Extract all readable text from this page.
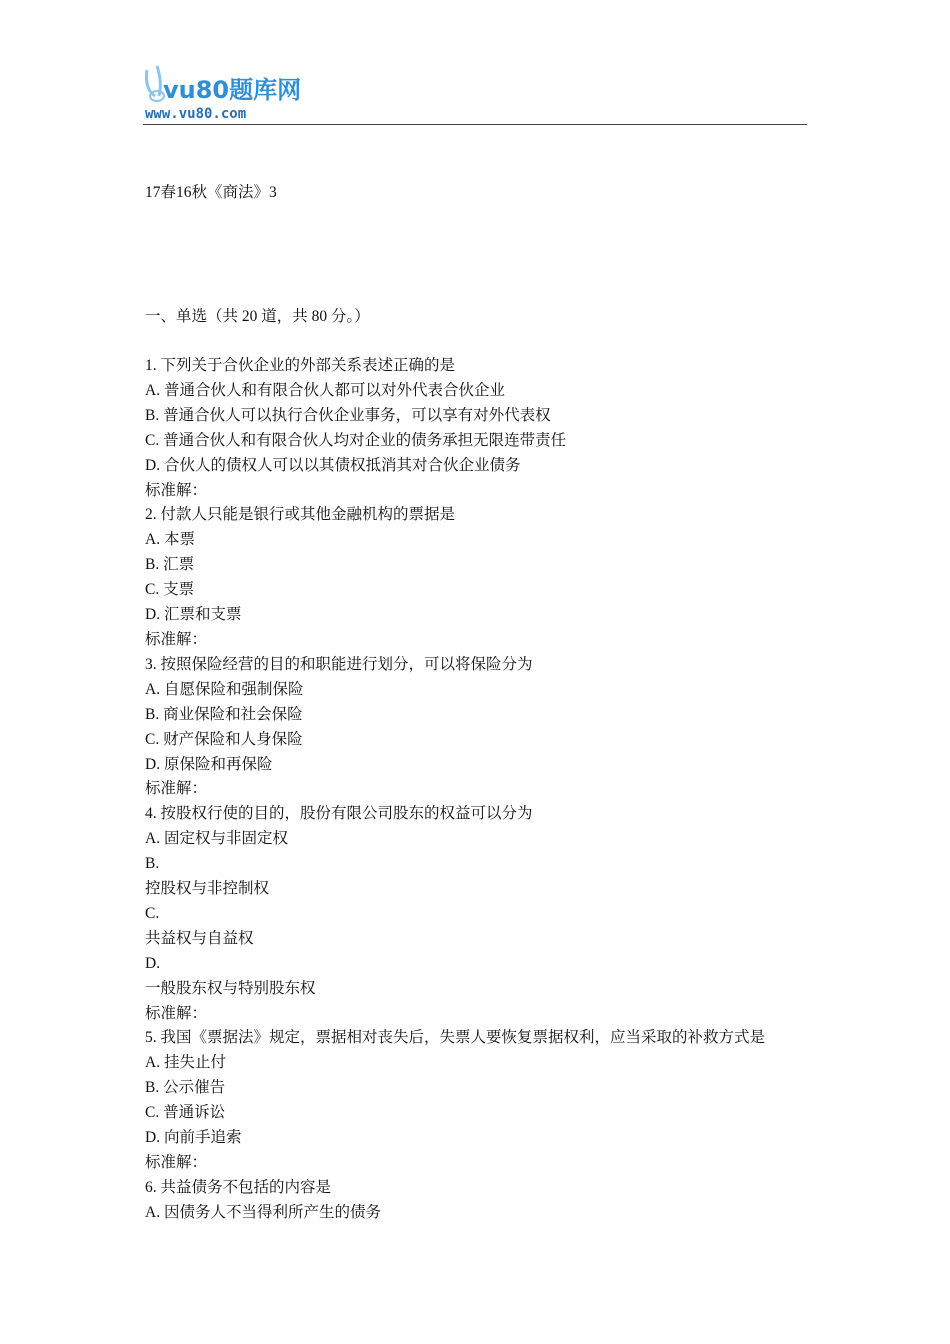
vu80题库网
www.vu80.com
17春16秋《商法》3
一、单选（共 20 道，共 80 分。）
1. 下列关于合伙企业的外部关系表述正确的是
A. 普通合伙人和有限合伙人都可以对外代表合伙企业
B. 普通合伙人可以执行合伙企业事务，可以享有对外代表权
C. 普通合伙人和有限合伙人均对企业的债务承担无限连带责任
D. 合伙人的债权人可以以其债权抵消其对合伙企业债务
标准解：
2. 付款人只能是银行或其他金融机构的票据是
A. 本票
B. 汇票
C. 支票
D. 汇票和支票
标准解：
3. 按照保险经营的目的和职能进行划分，可以将保险分为
A. 自愿保险和强制保险
B. 商业保险和社会保险
C. 财产保险和人身保险
D. 原保险和再保险
标准解：
4. 按股权行使的目的，股份有限公司股东的权益可以分为
A. 固定权与非固定权
B.
控股权与非控制权
C.
共益权与自益权
D.
一般股东权与特别股东权
标准解：
5. 我国《票据法》规定，票据相对丧失后，失票人要恢复票据权利，应当采取的补救方式是
A. 挂失止付
B. 公示催告
C. 普通诉讼
D. 向前手追索
标准解：
6. 共益债务不包括的内容是
A. 因债务人不当得利所产生的债务
